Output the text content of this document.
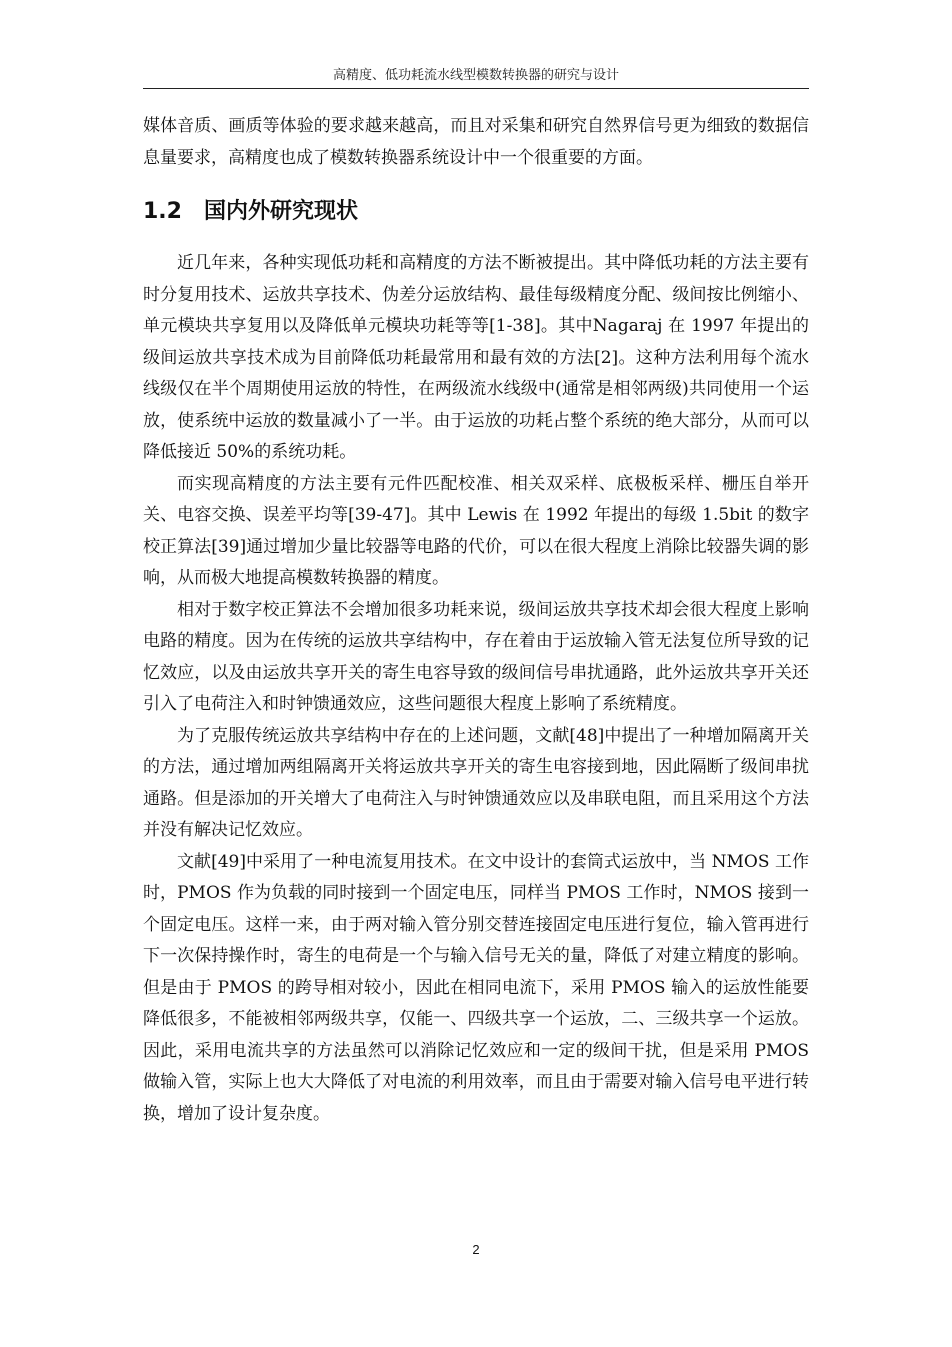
高精度、低功耗流水线型模数转换器的研究与设计

媒体音质、画质等体验的要求越来越高，而且对采集和研究自然界信号更为细致的数据信息量要求，高精度也成了模数转换器系统设计中一个很重要的方面。

1.2 国内外研究现状

近几年来，各种实现低功耗和高精度的方法不断被提出。其中降低功耗的方法主要有时分复用技术、运放共享技术、伪差分运放结构、最佳每级精度分配、级间按比例缩小、单元模块共享复用以及降低单元模块功耗等等[1-38]。其中Nagaraj 在 1997 年提出的级间运放共享技术成为目前降低功耗最常用和最有效的方法[2]。这种方法利用每个流水线级仅在半个周期使用运放的特性，在两级流水线级中(通常是相邻两级)共同使用一个运放，使系统中运放的数量减小了一半。由于运放的功耗占整个系统的绝大部分，从而可以降低接近 50%的系统功耗。

而实现高精度的方法主要有元件匹配校准、相关双采样、底极板采样、栅压自举开关、电容交换、误差平均等[39-47]。其中 Lewis 在 1992 年提出的每级 1.5bit 的数字校正算法[39]通过增加少量比较器等电路的代价，可以在很大程度上消除比较器失调的影响，从而极大地提高模数转换器的精度。

相对于数字校正算法不会增加很多功耗来说，级间运放共享技术却会很大程度上影响电路的精度。因为在传统的运放共享结构中，存在着由于运放输入管无法复位所导致的记忆效应，以及由运放共享开关的寄生电容导致的级间信号串扰通路，此外运放共享开关还引入了电荷注入和时钟馈通效应，这些问题很大程度上影响了系统精度。

为了克服传统运放共享结构中存在的上述问题，文献[48]中提出了一种增加隔离开关的方法，通过增加两组隔离开关将运放共享开关的寄生电容接到地，因此隔断了级间串扰通路。但是添加的开关增大了电荷注入与时钟馈通效应以及串联电阻，而且采用这个方法并没有解决记忆效应。

文献[49]中采用了一种电流复用技术。在文中设计的套筒式运放中，当 NMOS 工作时，PMOS 作为负载的同时接到一个固定电压，同样当 PMOS 工作时，NMOS 接到一个固定电压。这样一来，由于两对输入管分别交替连接固定电压进行复位，输入管再进行下一次保持操作时，寄生的电荷是一个与输入信号无关的量，降低了对建立精度的影响。但是由于 PMOS 的跨导相对较小，因此在相同电流下，采用 PMOS 输入的运放性能要降低很多，不能被相邻两级共享，仅能一、四级共享一个运放，二、三级共享一个运放。因此，采用电流共享的方法虽然可以消除记忆效应和一定的级间干扰，但是采用 PMOS 做输入管，实际上也大大降低了对电流的利用效率，而且由于需要对输入信号电平进行转换，增加了设计复杂度。

2
